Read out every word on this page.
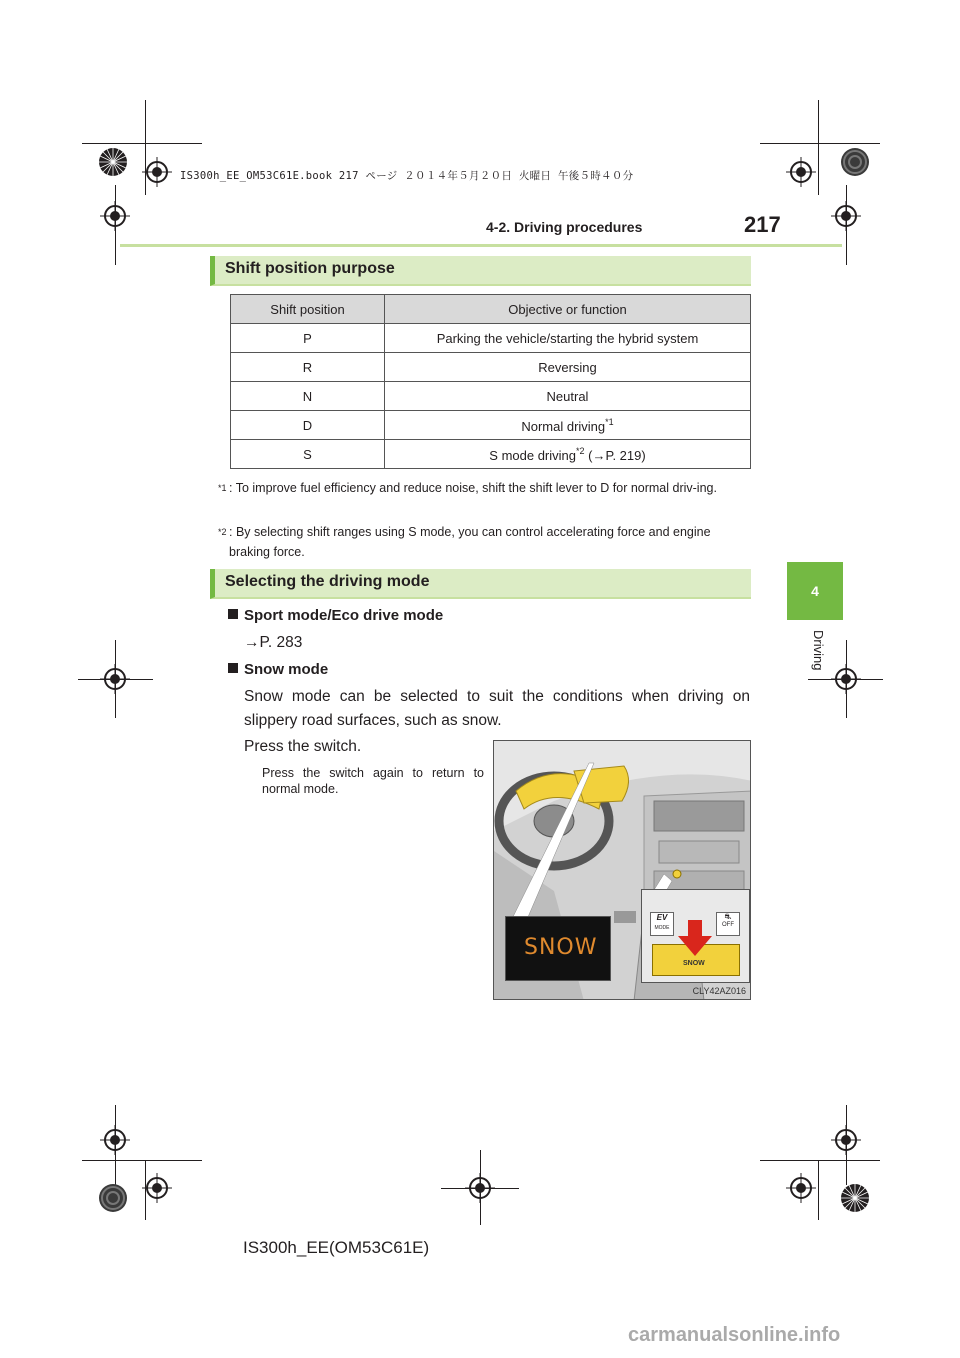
IS300h_EE_OM53C61E.book 217 ページ ２０１４年５月２０日 火曜日 午後５時４０分
4-2. Driving procedures	217
4
Driving
Shift position purpose
Shift position	Objective or function
P	Parking the vehicle/starting the hybrid system
R	Reversing
N	Neutral
D	Normal driving$^{*1}$
S	S mode driving$^{*2}$ (→P. 219)
$^{*1}$ : To improve fuel efficiency and reduce noise, shift the shift lever to D for normal driv-ing.
$^{*2}$ : By selecting shift ranges using S mode, you can control accelerating force and engine braking force.
Selecting the driving mode
Sport mode/Eco drive mode
→P. 283
Snow mode
Snow mode can be selected to suit the conditions when driving on slippery road surfaces, such as snow.
Press the switch.
Press the switch again to return to normal mode.
SNOW
EV
MODE
⛐
OFF
SNOW
CLY42AZ016
IS300h_EE(OM53C61E)
carmanualsonline.info
